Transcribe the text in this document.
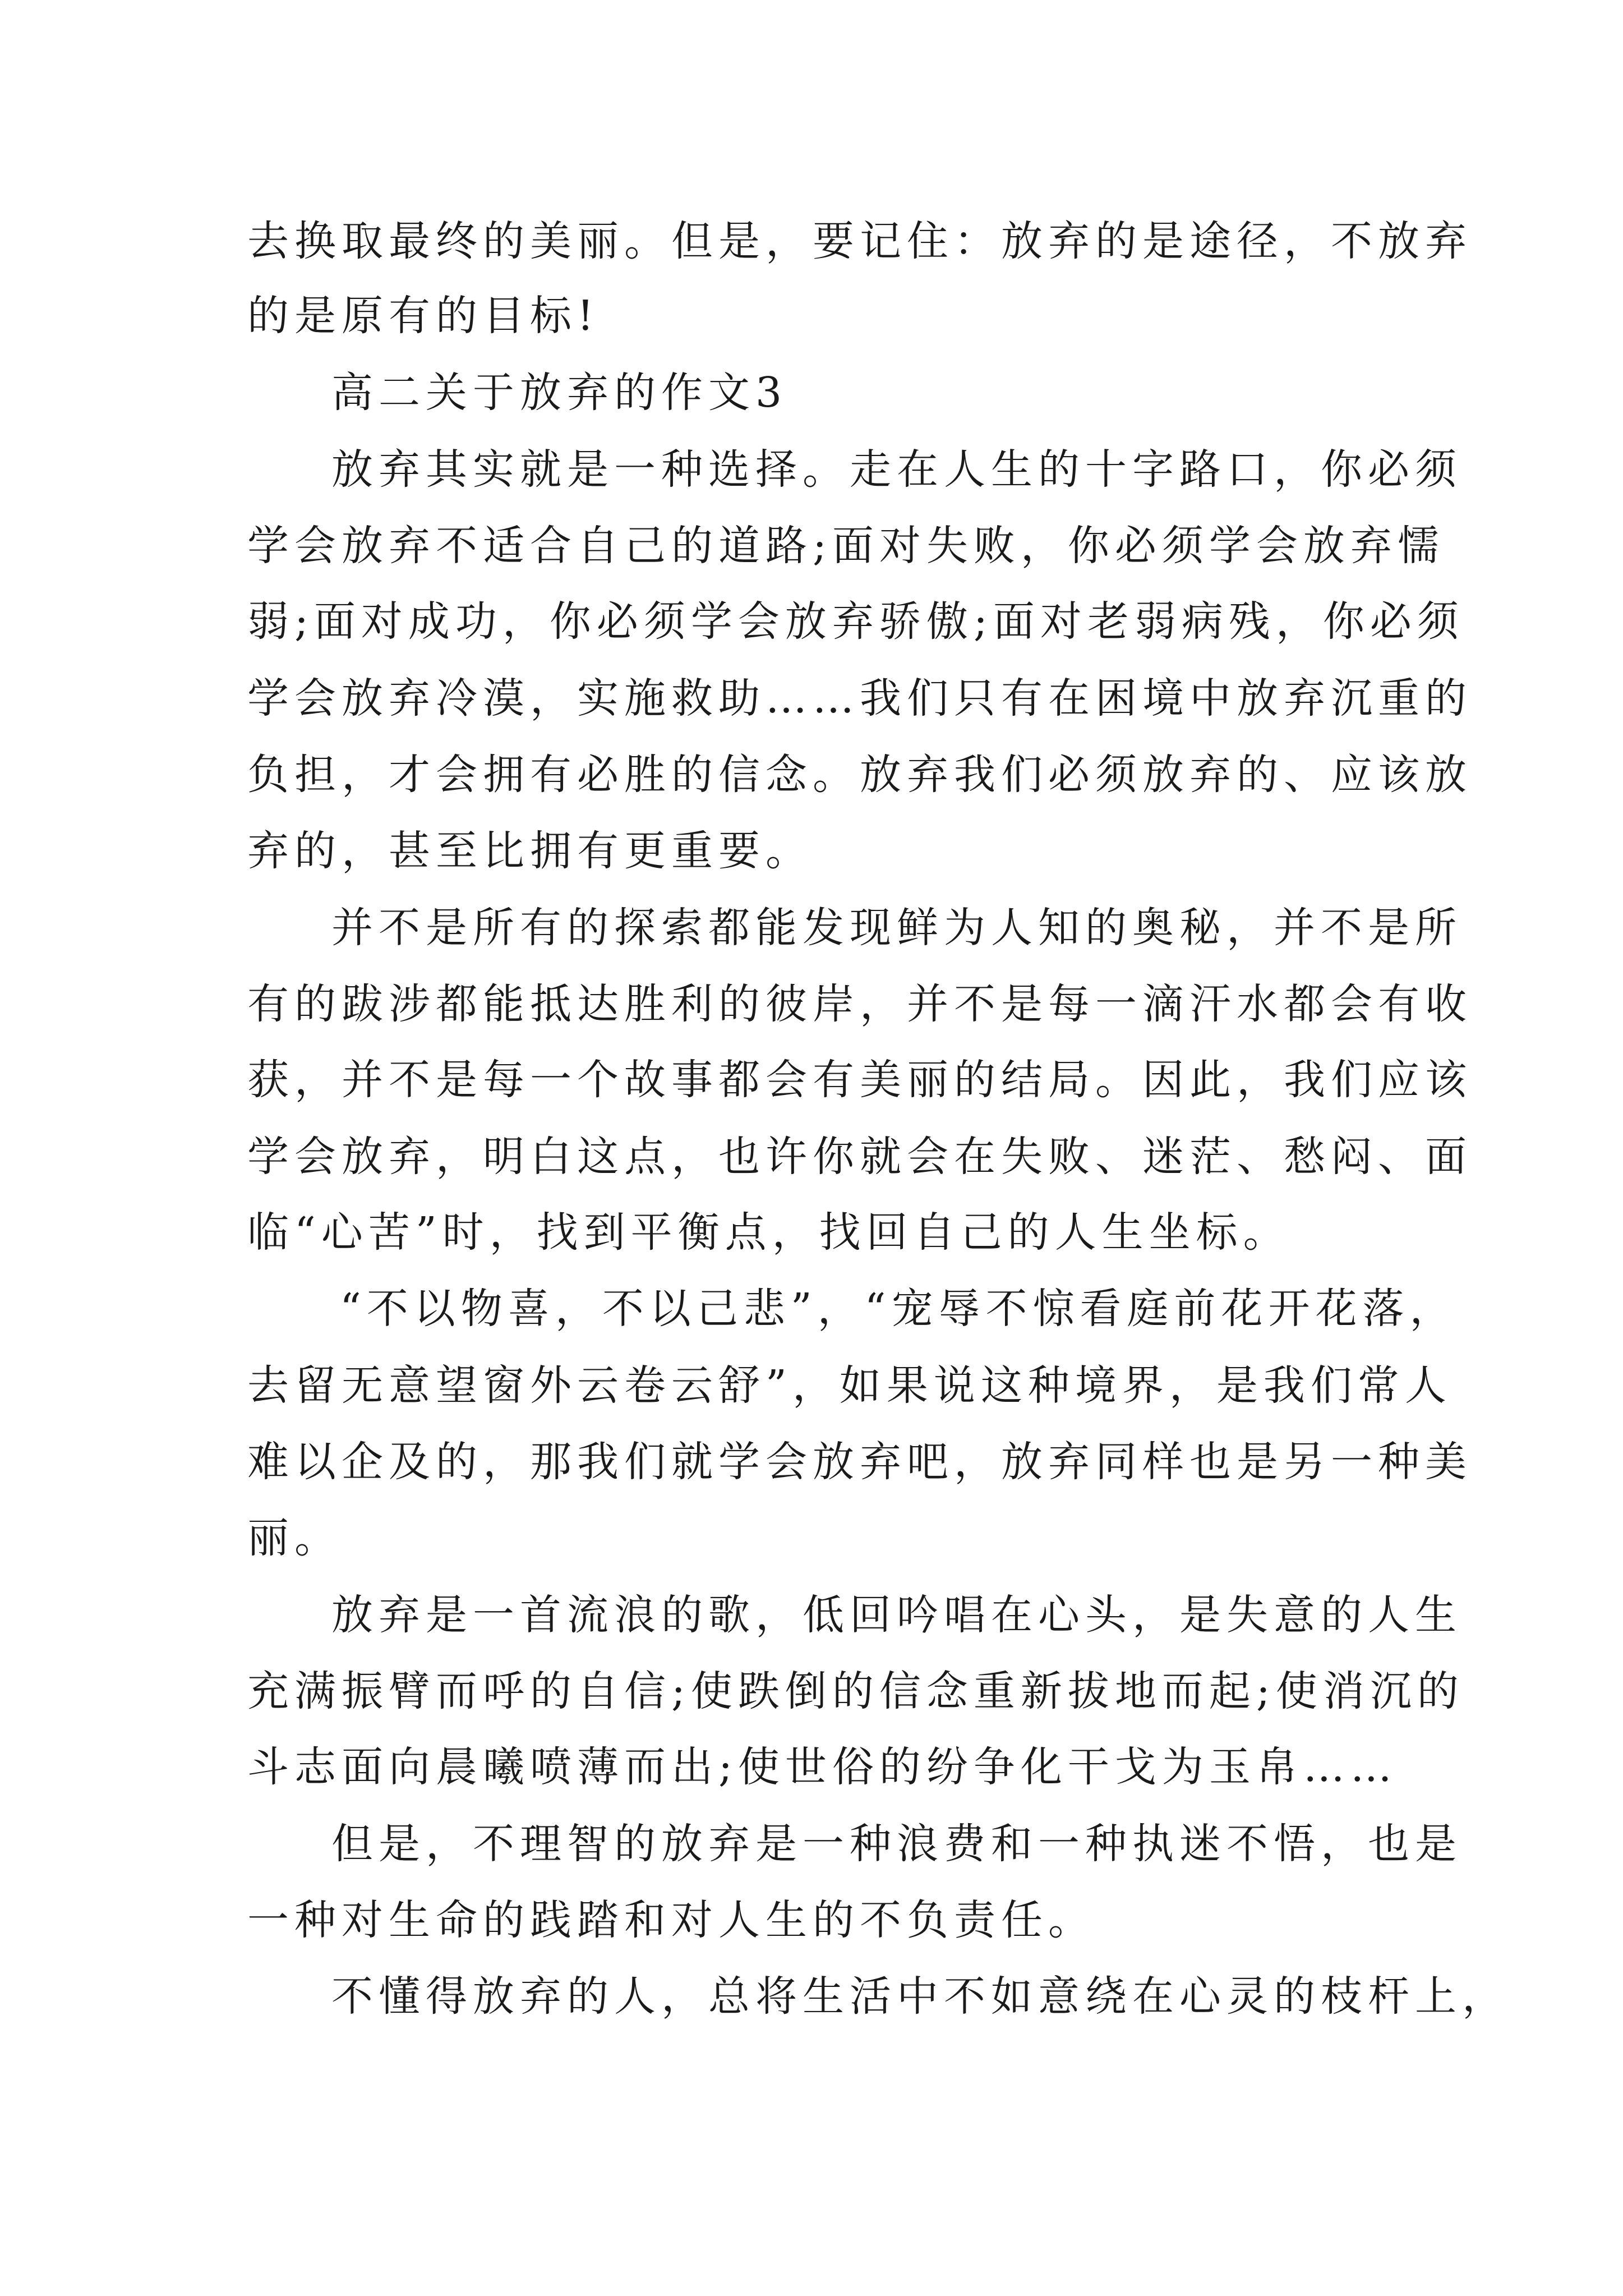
去换取最终的美丽。但是，要记住：放弃的是途径，不放弃
的是原有的目标!
高二关于放弃的作文3
放弃其实就是一种选择。走在人生的十字路口，你必须
学会放弃不适合自己的道路;面对失败，你必须学会放弃懦
弱;面对成功，你必须学会放弃骄傲;面对老弱病残，你必须
学会放弃冷漠，实施救助……我们只有在困境中放弃沉重的
负担，才会拥有必胜的信念。放弃我们必须放弃的、应该放
弃的，甚至比拥有更重要。
并不是所有的探索都能发现鲜为人知的奥秘，并不是所
有的跋涉都能抵达胜利的彼岸，并不是每一滴汗水都会有收
获，并不是每一个故事都会有美丽的结局。因此，我们应该
学会放弃，明白这点，也许你就会在失败、迷茫、愁闷、面
临“心苦”时，找到平衡点，找回自己的人生坐标。
“不以物喜，不以己悲”，“宠辱不惊看庭前花开花落，
去留无意望窗外云卷云舒”，如果说这种境界，是我们常人
难以企及的，那我们就学会放弃吧，放弃同样也是另一种美
丽。
放弃是一首流浪的歌，低回吟唱在心头，是失意的人生
充满振臂而呼的自信;使跌倒的信念重新拔地而起;使消沉的
斗志面向晨曦喷薄而出;使世俗的纷争化干戈为玉帛……
但是，不理智的放弃是一种浪费和一种执迷不悟，也是
一种对生命的践踏和对人生的不负责任。
不懂得放弃的人，总将生活中不如意绕在心灵的枝杆上，
